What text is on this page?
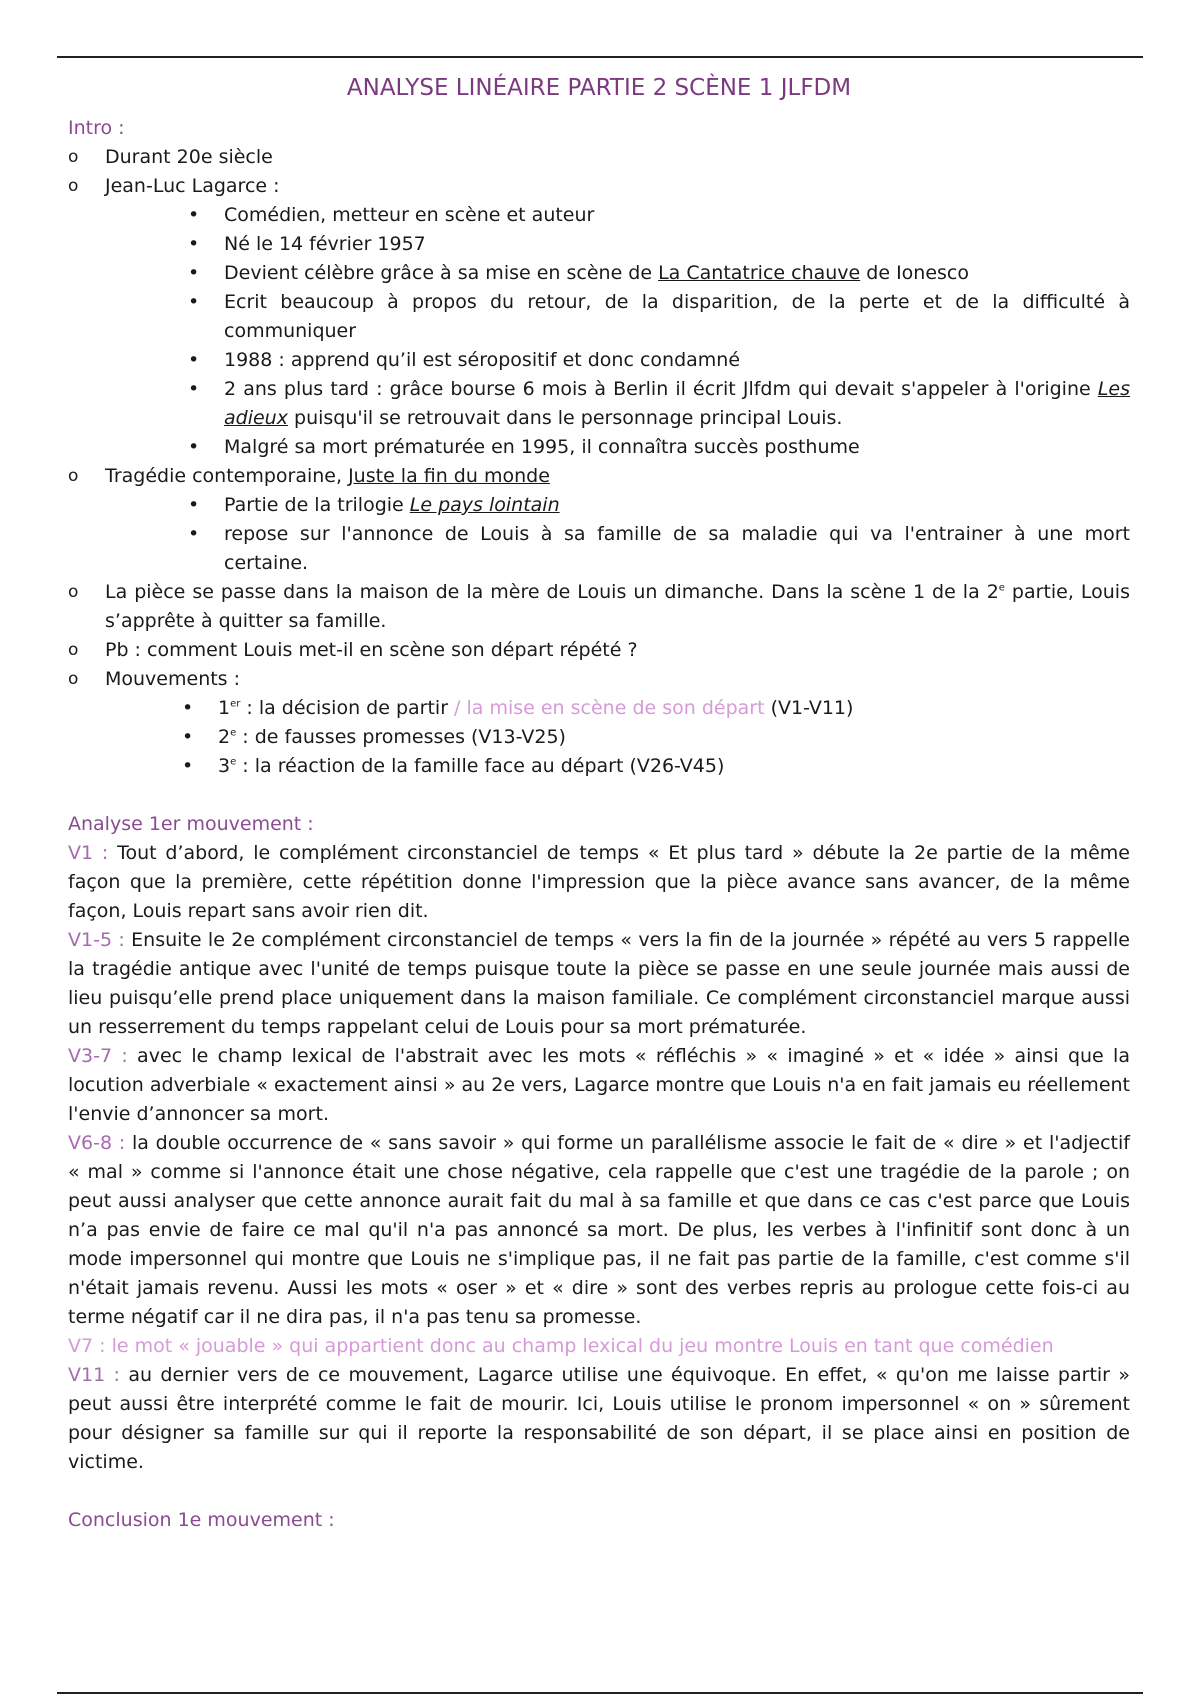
ANALYSE LINÉAIRE PARTIE 2 SCÈNE 1 JLFDM
Intro :
o	Durant 20e siècle
o	Jean-Luc Lagarce :
• Comédien, metteur en scène et auteur
• Né le 14 février 1957
• Devient célèbre grâce à sa mise en scène de La Cantatrice chauve de Ionesco
• Ecrit beaucoup à propos du retour, de la disparition, de la perte et de la difficulté à communiquer
• 1988 : apprend qu’il est séropositif et donc condamné
• 2 ans plus tard : grâce bourse 6 mois à Berlin il écrit Jlfdm qui devait s'appeler à l'origine Les adieux puisqu'il se retrouvait dans le personnage principal Louis.
• Malgré sa mort prématurée en 1995, il connaîtra succès posthume
o	Tragédie contemporaine, Juste la fin du monde
• Partie de la trilogie Le pays lointain
• repose sur l'annonce de Louis à sa famille de sa maladie qui va l'entrainer à une mort certaine.
o	La pièce se passe dans la maison de la mère de Louis un dimanche. Dans la scène 1 de la 2e partie, Louis s’apprête à quitter sa famille.
o	Pb : comment Louis met-il en scène son départ répété ?
o	Mouvements :
• 1er : la décision de partir / la mise en scène de son départ (V1-V11)
• 2e : de fausses promesses (V13-V25)
• 3e : la réaction de la famille face au départ (V26-V45)
Analyse 1er mouvement :
V1 : Tout d’abord, le complément circonstanciel de temps « Et plus tard » débute la 2e partie de la même façon que la première, cette répétition donne l'impression que la pièce avance sans avancer, de la même façon, Louis repart sans avoir rien dit.
V1-5 : Ensuite le 2e complément circonstanciel de temps « vers la fin de la journée » répété au vers 5 rappelle la tragédie antique avec l'unité de temps puisque toute la pièce se passe en une seule journée mais aussi de lieu puisqu’elle prend place uniquement dans la maison familiale. Ce complément circonstanciel marque aussi un resserrement du temps rappelant celui de Louis pour sa mort prématurée.
V3-7 : avec le champ lexical de l'abstrait avec les mots « réfléchis » « imaginé » et « idée » ainsi que la locution adverbiale « exactement ainsi » au 2e vers, Lagarce montre que Louis n'a en fait jamais eu réellement l'envie d’annoncer sa mort.
V6-8 : la double occurrence de « sans savoir » qui forme un parallélisme associe le fait de « dire » et l'adjectif « mal » comme si l'annonce était une chose négative, cela rappelle que c'est une tragédie de la parole ; on peut aussi analyser que cette annonce aurait fait du mal à sa famille et que dans ce cas c'est parce que Louis n’a pas envie de faire ce mal qu'il n'a pas annoncé sa mort. De plus, les verbes à l'infinitif sont donc à un mode impersonnel qui montre que Louis ne s'implique pas, il ne fait pas partie de la famille, c'est comme s'il n'était jamais revenu. Aussi les mots « oser » et « dire » sont des verbes repris au prologue cette fois-ci au terme négatif car il ne dira pas, il n'a pas tenu sa promesse.
V7 : le mot « jouable » qui appartient donc au champ lexical du jeu montre Louis en tant que comédien
V11 : au dernier vers de ce mouvement, Lagarce utilise une équivoque. En effet, « qu'on me laisse partir » peut aussi être interprété comme le fait de mourir. Ici, Louis utilise le pronom impersonnel « on » sûrement pour désigner sa famille sur qui il reporte la responsabilité de son départ, il se place ainsi en position de victime.
Conclusion 1e mouvement :
